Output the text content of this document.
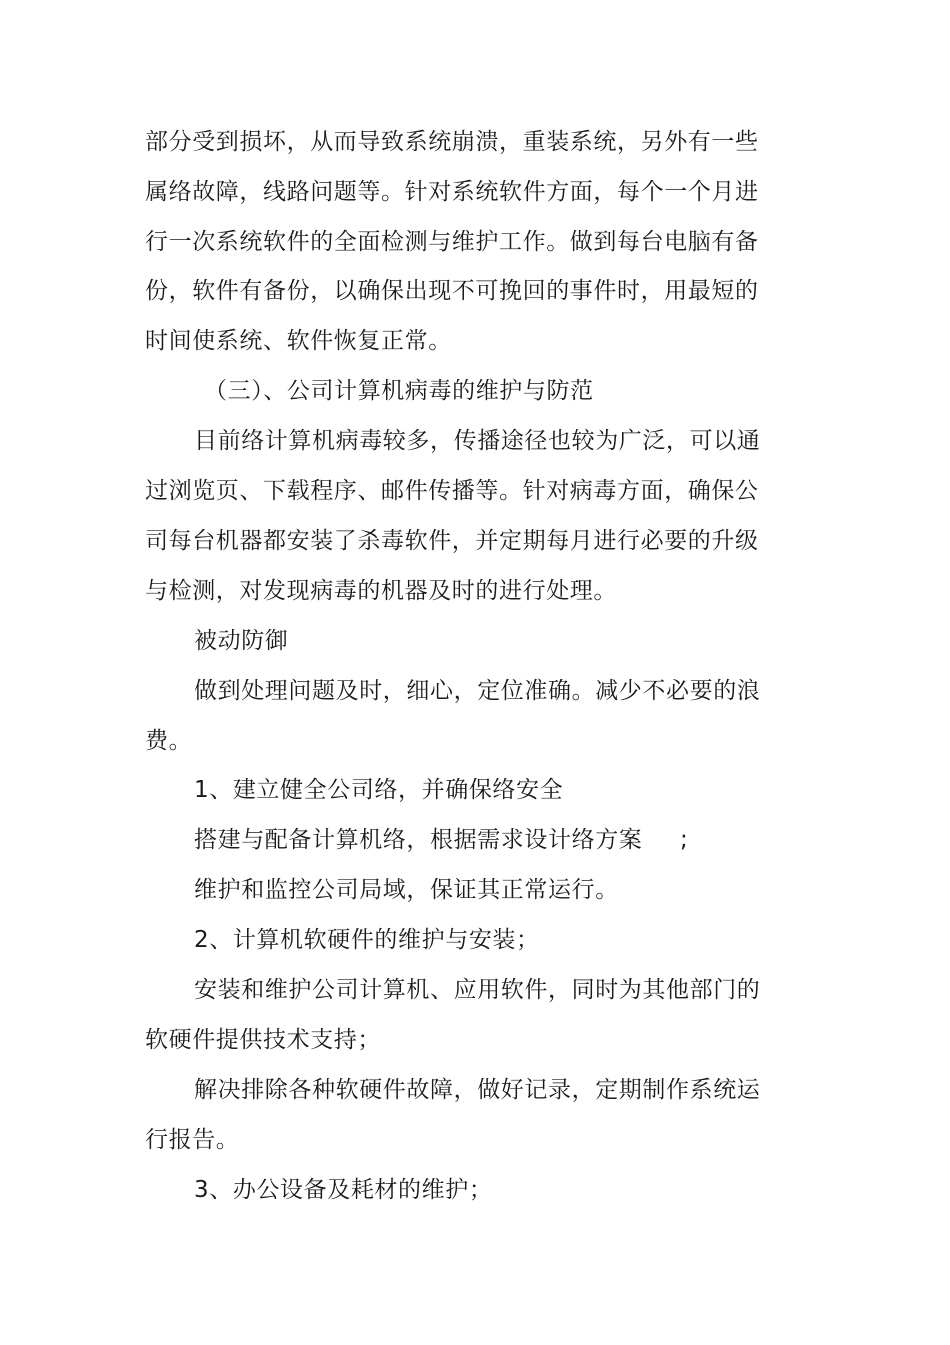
部分受到损坏，从而导致系统崩溃，重装系统，另外有一些
属络故障，线路问题等。针对系统软件方面，每个一个月进
行一次系统软件的全面检测与维护工作。做到每台电脑有备
份，软件有备份，以确保出现不可挽回的事件时，用最短的
时间使系统、软件恢复正常。
（三）、公司计算机病毒的维护与防范
目前络计算机病毒较多，传播途径也较为广泛，可以通
过浏览页、下载程序、邮件传播等。针对病毒方面，确保公
司每台机器都安装了杀毒软件，并定期每月进行必要的升级
与检测，对发现病毒的机器及时的进行处理。
被动防御
做到处理问题及时，细心，定位准确。减少不必要的浪
费。
1、建立健全公司络，并确保络安全
搭建与配备计算机络，根据需求设计络方案 ;
维护和监控公司局域，保证其正常运行。
2、计算机软硬件的维护与安装；
安装和维护公司计算机、应用软件，同时为其他部门的
软硬件提供技术支持；
解决排除各种软硬件故障，做好记录，定期制作系统运
行报告。
3、办公设备及耗材的维护；
